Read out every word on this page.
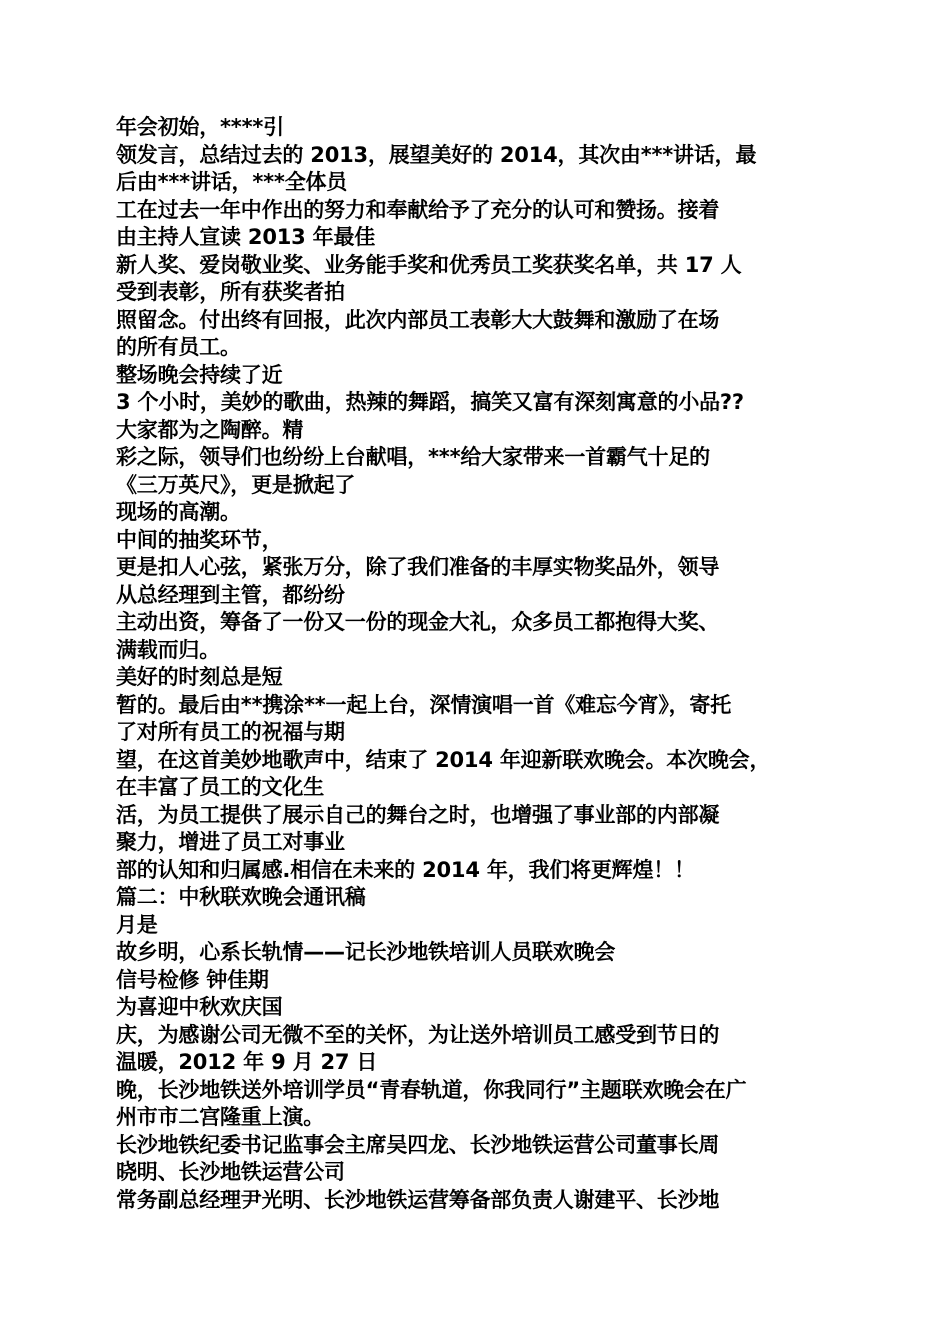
年会初始，****引
领发言，总结过去的 2013，展望美好的 2014，其次由***讲话，最
后由***讲话，***全体员
工在过去一年中作出的努力和奉献给予了充分的认可和赞扬。接着
由主持人宣读 2013 年最佳
新人奖、爱岗敬业奖、业务能手奖和优秀员工奖获奖名单，共 17 人
受到表彰，所有获奖者拍
照留念。付出终有回报，此次内部员工表彰大大鼓舞和激励了在场
的所有员工。
整场晚会持续了近
3 个小时，美妙的歌曲，热辣的舞蹈，搞笑又富有深刻寓意的小品??
大家都为之陶醉。精
彩之际，领导们也纷纷上台献唱，***给大家带来一首霸气十足的
《三万英尺》，更是掀起了
现场的高潮。
中间的抽奖环节，
更是扣人心弦，紧张万分，除了我们准备的丰厚实物奖品外，领导
从总经理到主管，都纷纷
主动出资，筹备了一份又一份的现金大礼，众多员工都抱得大奖、
满载而归。
美好的时刻总是短
暂的。最后由**携涂**一起上台，深情演唱一首《难忘今宵》，寄托
了对所有员工的祝福与期
望，在这首美妙地歌声中，结束了 2014 年迎新联欢晚会。本次晚会，
在丰富了员工的文化生
活，为员工提供了展示自己的舞台之时，也增强了事业部的内部凝
聚力，增进了员工对事业
部的认知和归属感.相信在未来的 2014 年，我们将更辉煌！！
篇二：中秋联欢晚会通讯稿
月是
故乡明，心系长轨情——记长沙地铁培训人员联欢晚会
信号检修 钟佳期
为喜迎中秋欢庆国
庆，为感谢公司无微不至的关怀，为让送外培训员工感受到节日的
温暖，2012 年 9 月 27 日
晚，长沙地铁送外培训学员“青春轨道，你我同行”主题联欢晚会在广
州市市二宫隆重上演。
长沙地铁纪委书记监事会主席吴四龙、长沙地铁运营公司董事长周
晓明、长沙地铁运营公司
常务副总经理尹光明、长沙地铁运营筹备部负责人谢建平、长沙地
